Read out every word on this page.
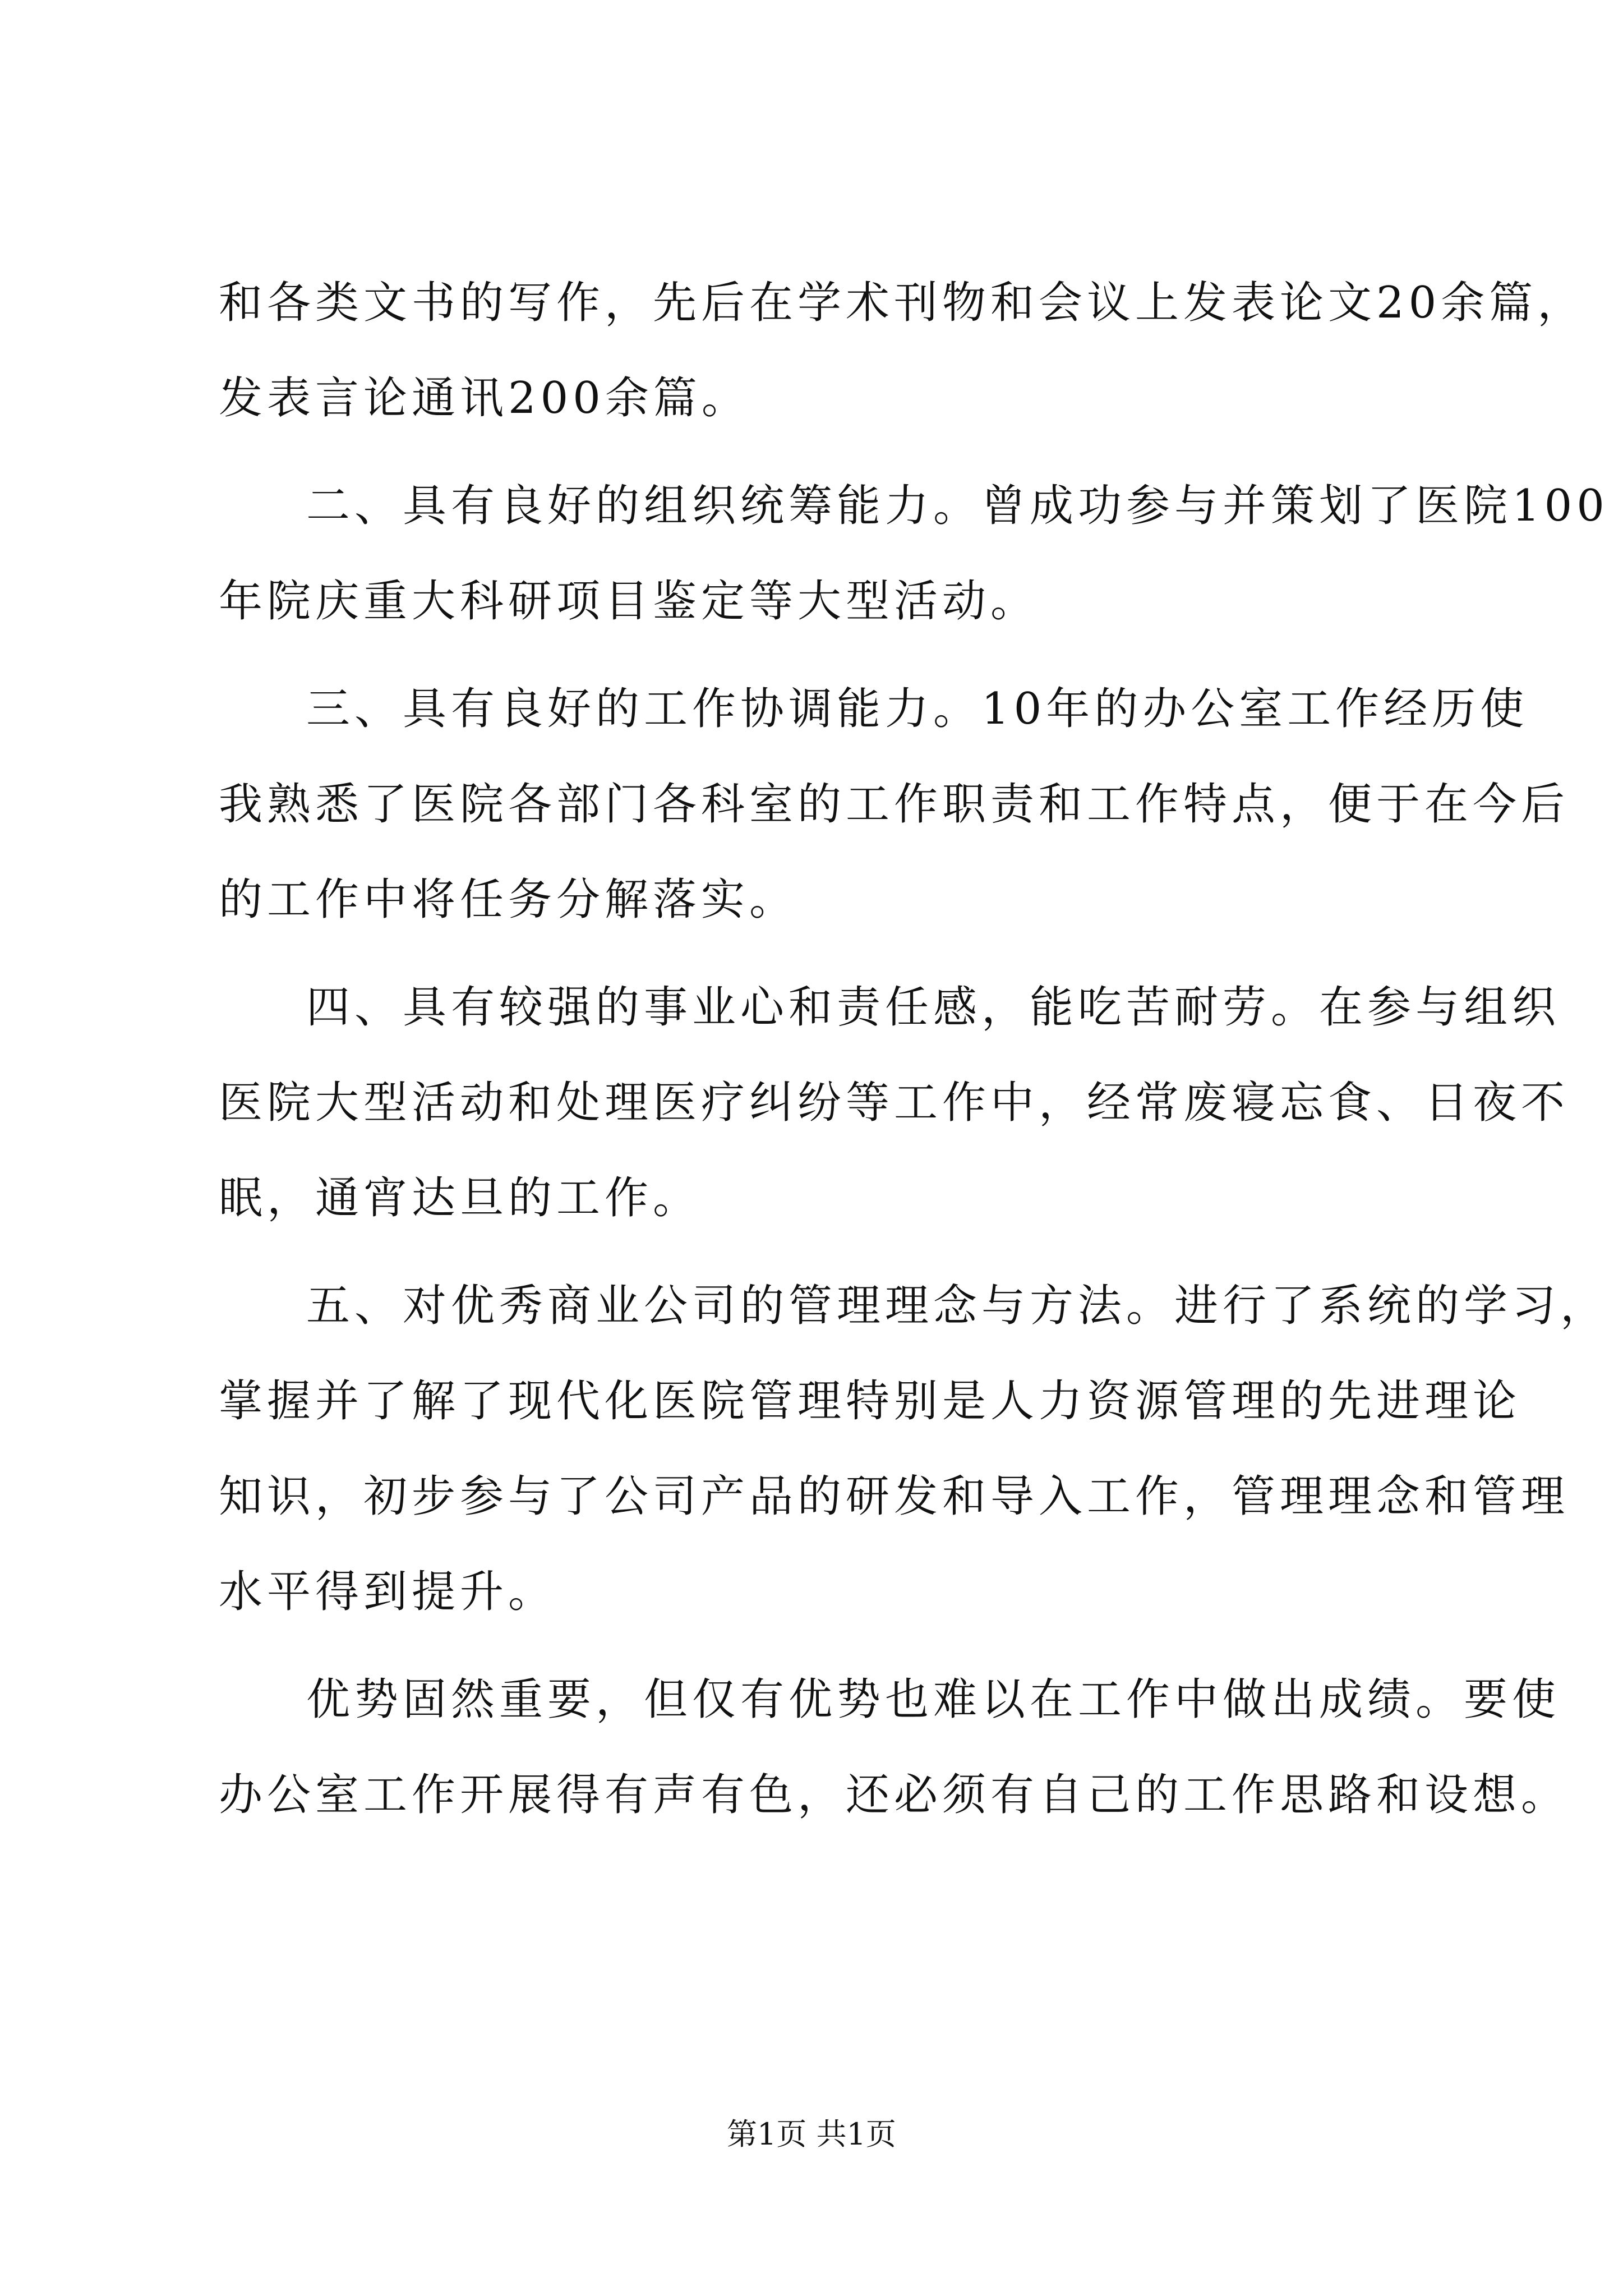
和各类文书的写作，先后在学术刊物和会议上发表论文20余篇，
发表言论通讯200余篇。
二、具有良好的组织统筹能力。曾成功参与并策划了医院100
年院庆重大科研项目鉴定等大型活动。
三、具有良好的工作协调能力。10年的办公室工作经历使
我熟悉了医院各部门各科室的工作职责和工作特点，便于在今后
的工作中将任务分解落实。
四、具有较强的事业心和责任感，能吃苦耐劳。在参与组织
医院大型活动和处理医疗纠纷等工作中，经常废寝忘食、日夜不
眠，通宵达旦的工作。
五、对优秀商业公司的管理理念与方法。进行了系统的学习，
掌握并了解了现代化医院管理特别是人力资源管理的先进理论
知识，初步参与了公司产品的研发和导入工作，管理理念和管理
水平得到提升。
优势固然重要，但仅有优势也难以在工作中做出成绩。要使
办公室工作开展得有声有色，还必须有自己的工作思路和设想。
第1页 共1页
